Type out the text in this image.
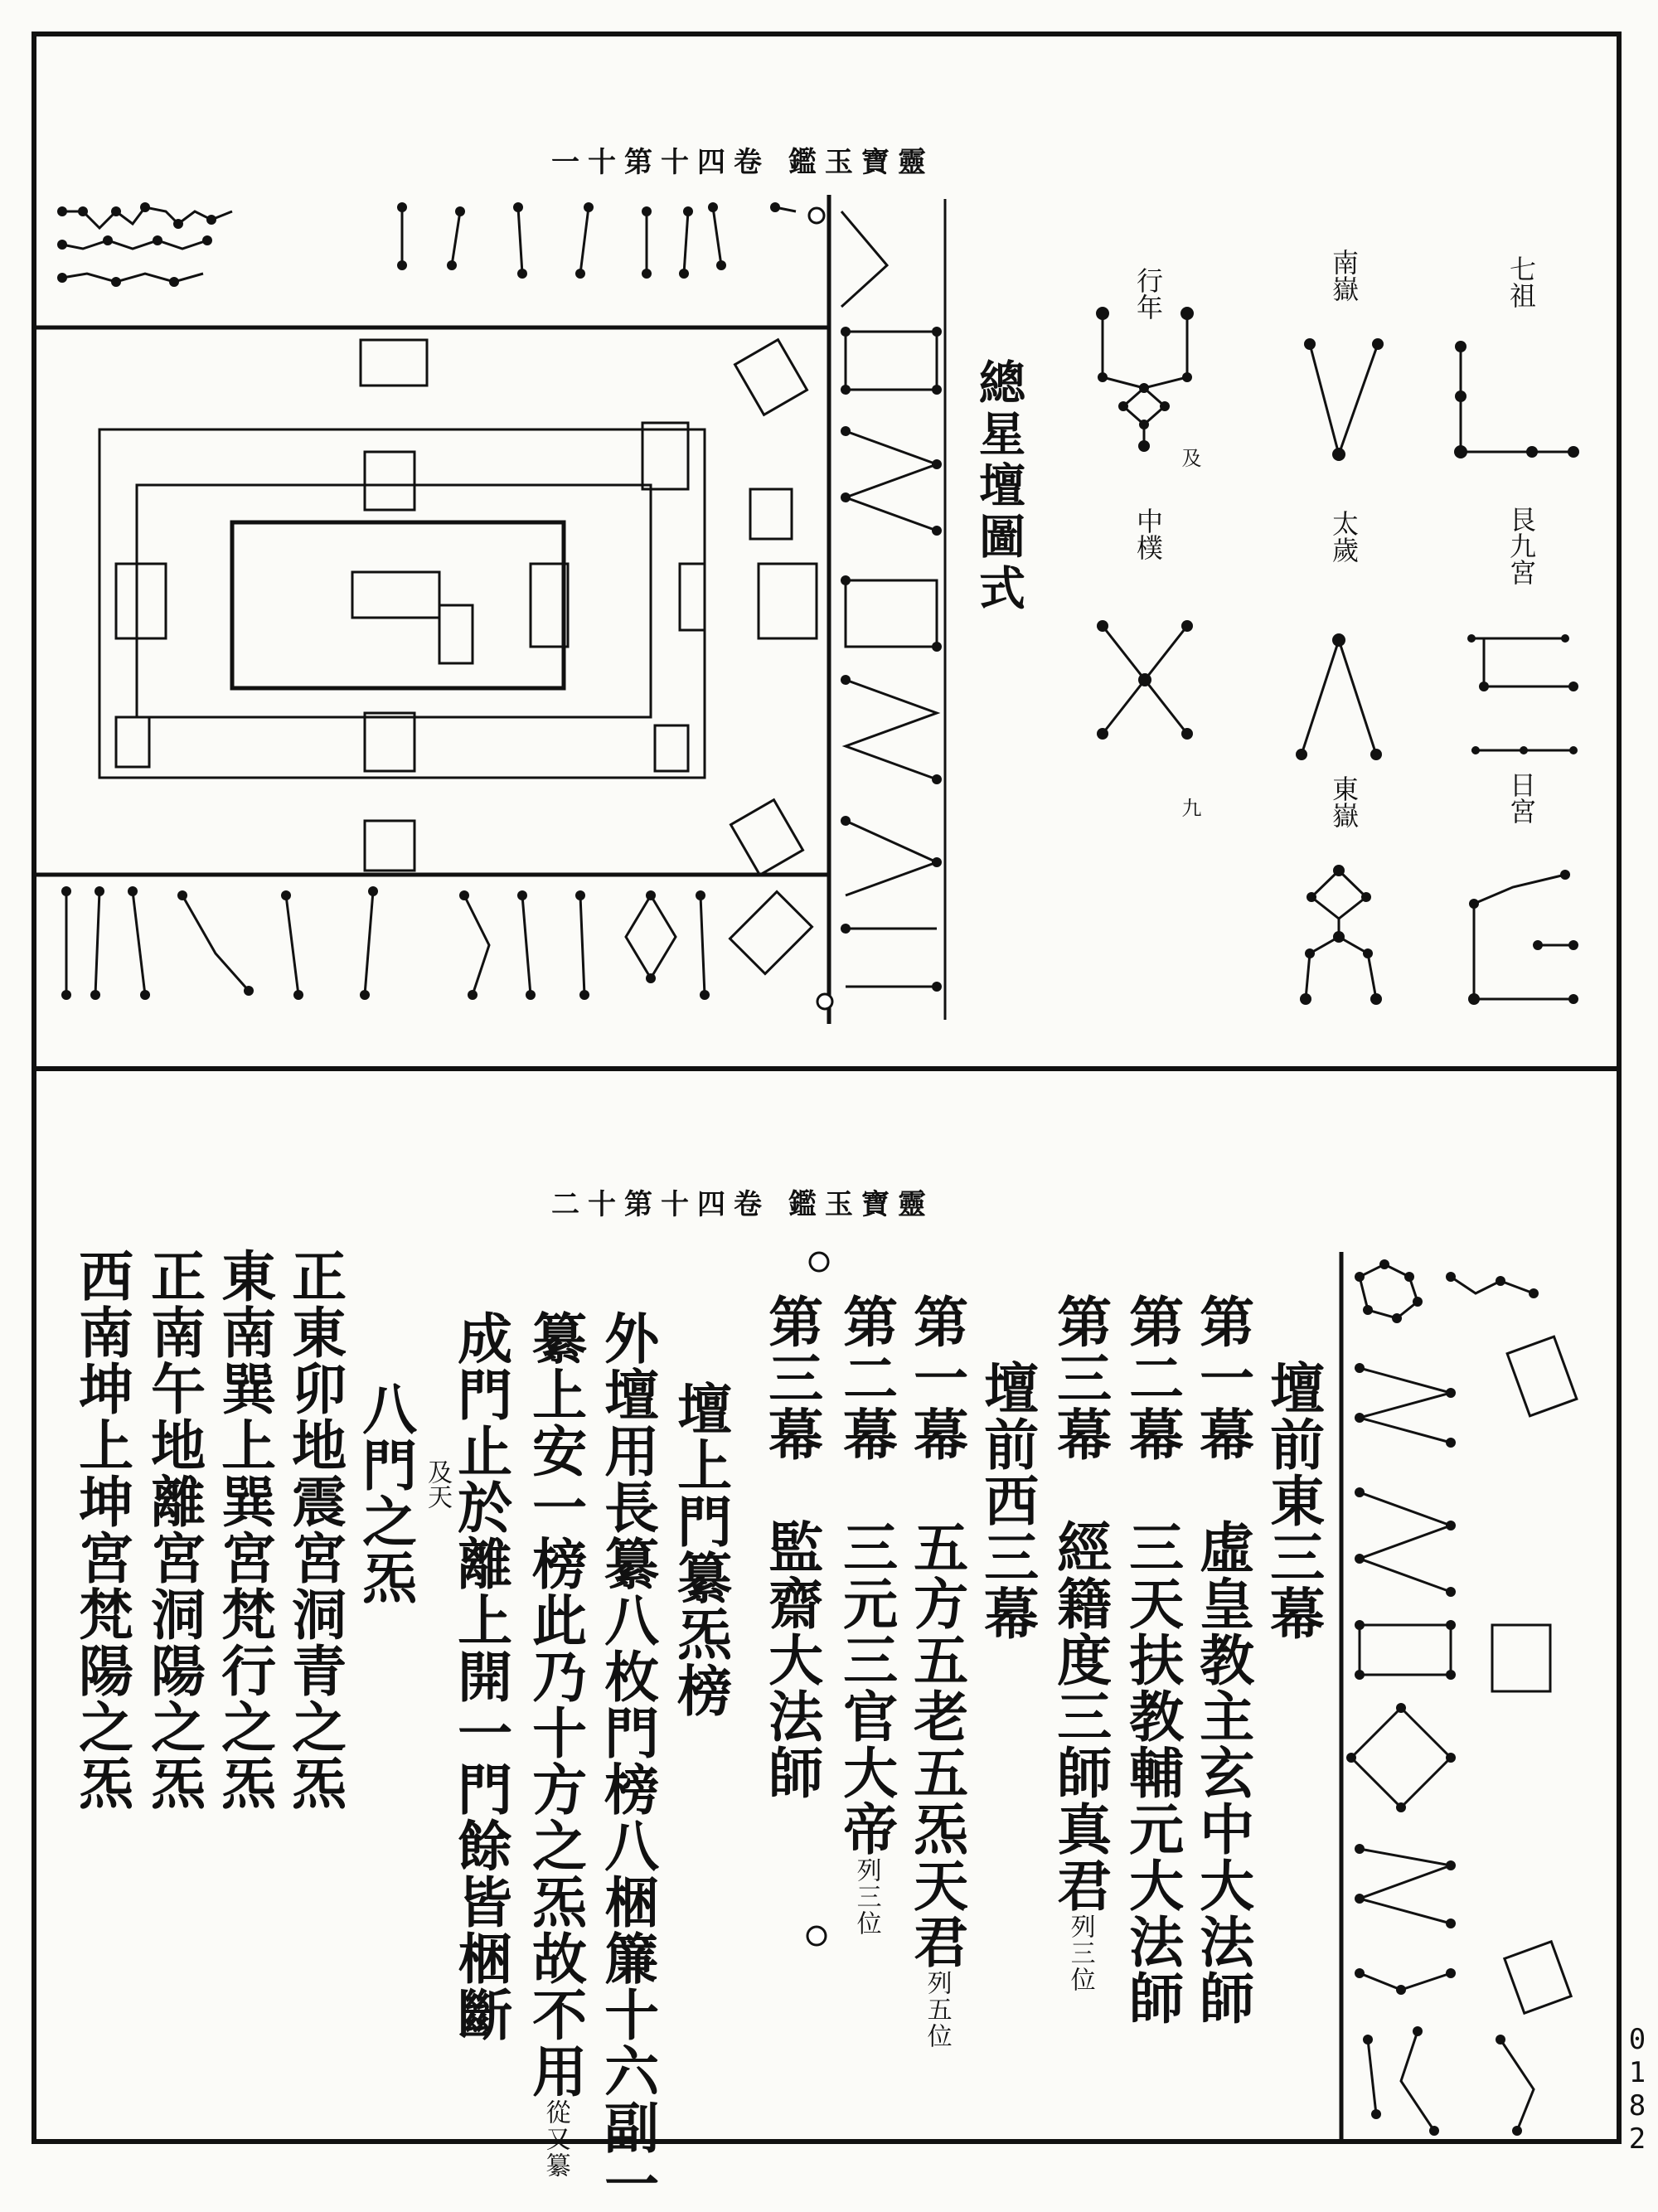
靈寶玉鑑 卷四十第十一
總星壇圖式
七祖
艮九宮
日宮
南嶽
太歲
東嶽
行年
中樸
九
及
靈寶玉鑑 卷四十第十二
壇前東三幕
第一幕　虛皇教主玄中大法師
第二幕　三天扶教輔元大法師
第三幕　經籍度三師真君列三位
壇前西三幕
第一幕　五方五老五炁天君列五位
第二幕　三元三官大帝列三位
第三幕　監齋大法師
壇上門纂炁榜
外壇用長纂八枚門榜八梱簾十六副一
纂上安一榜此乃十方之炁故不用從又纂
成門止於離上開一門餘皆梱斷
八門之炁 及天
正東卯地震宮洞青之炁
東南巽上巽宮梵行之炁
正南午地離宮洞陽之炁
西南坤上坤宮梵陽之炁
0182
